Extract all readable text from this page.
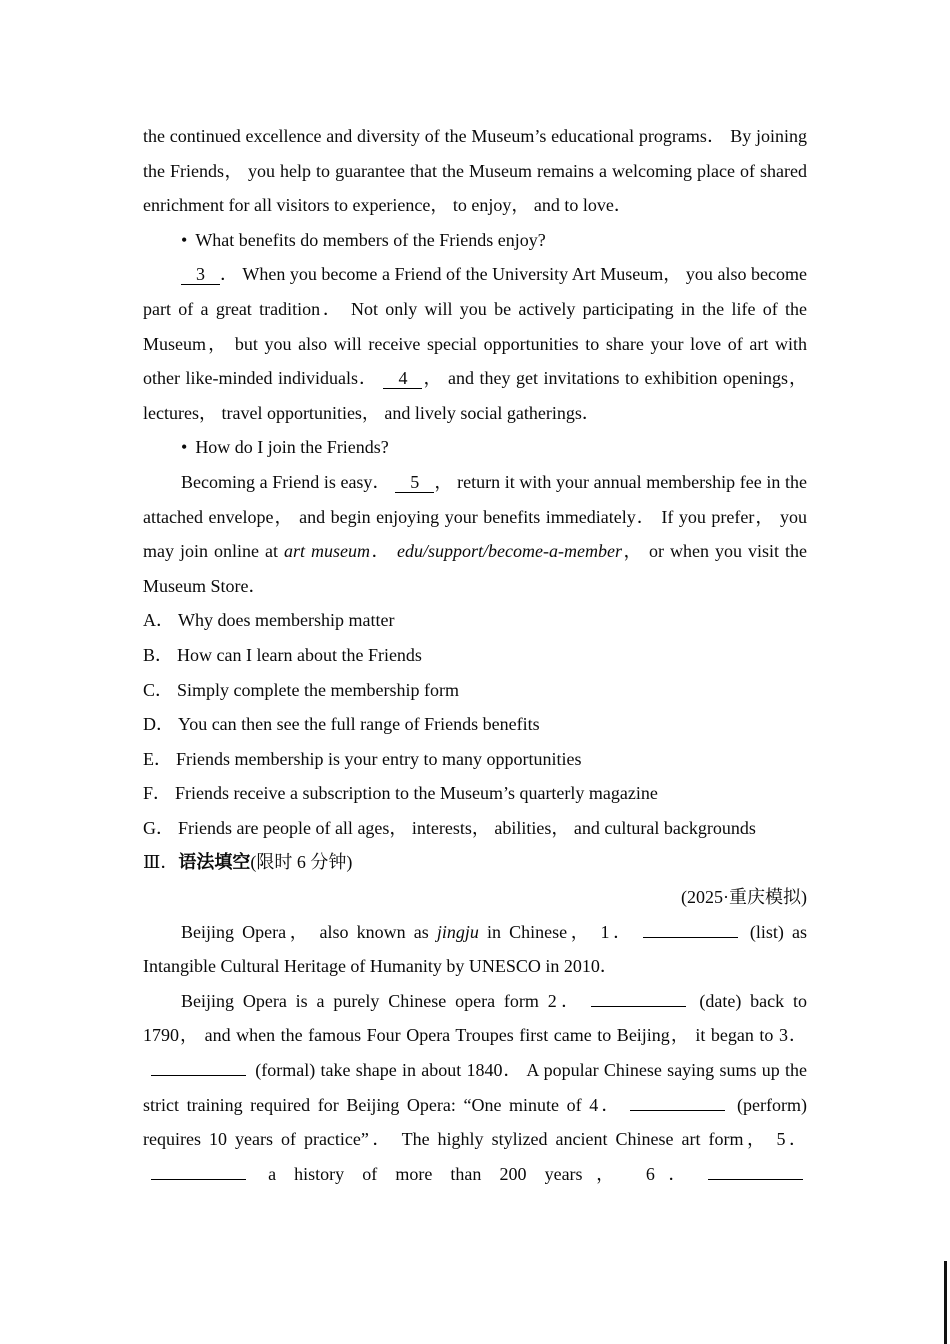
the continued excellence and diversity of the Museum’s educational programs． By joining the Friends， you help to guarantee that the Museum remains a welcoming place of shared enrichment for all visitors to experience， to enjoy， and to love．

• What benefits do members of the Friends enjoy?

3 ． When you become a Friend of the University Art Museum， you also become part of a great tradition． Not only will you be actively participating in the life of the Museum， but you also will receive special opportunities to share your love of art with other like-minded individuals． 4 ， and they get invitations to exhibition openings， lectures， travel opportunities， and lively social gatherings．

• How do I join the Friends?

Becoming a Friend is easy． 5 ， return it with your annual membership fee in the attached envelope， and begin enjoying your benefits immediately． If you prefer， you may join online at art museum． edu/support/become-a-member， or when you visit the Museum Store．

A． Why does membership matter

B． How can I learn about the Friends

C． Simply complete the membership form

D． You can then see the full range of Friends benefits

E． Friends membership is your entry to many opportunities

F． Friends receive a subscription to the Museum’s quarterly magazine

G． Friends are people of all ages， interests， abilities， and cultural backgrounds

Ⅲ．语法填空(限时 6 分钟)

(2025·重庆模拟)

Beijing Opera， also known as jingju in Chinese， 1．	(list) as Intangible Cultural Heritage of Humanity by UNESCO in 2010．

Beijing Opera is a purely Chinese opera form 2．	(date) back to 1790， and when the famous Four Opera Troupes first came to Beijing， it began to 3． (formal) take shape in about 1840． A popular Chinese saying sums up the strict training required for Beijing Opera: “One minute of 4．	(perform) requires 10 years of practice”． The highly stylized ancient Chinese art form， 5． a history of more than 200 years， 6．
